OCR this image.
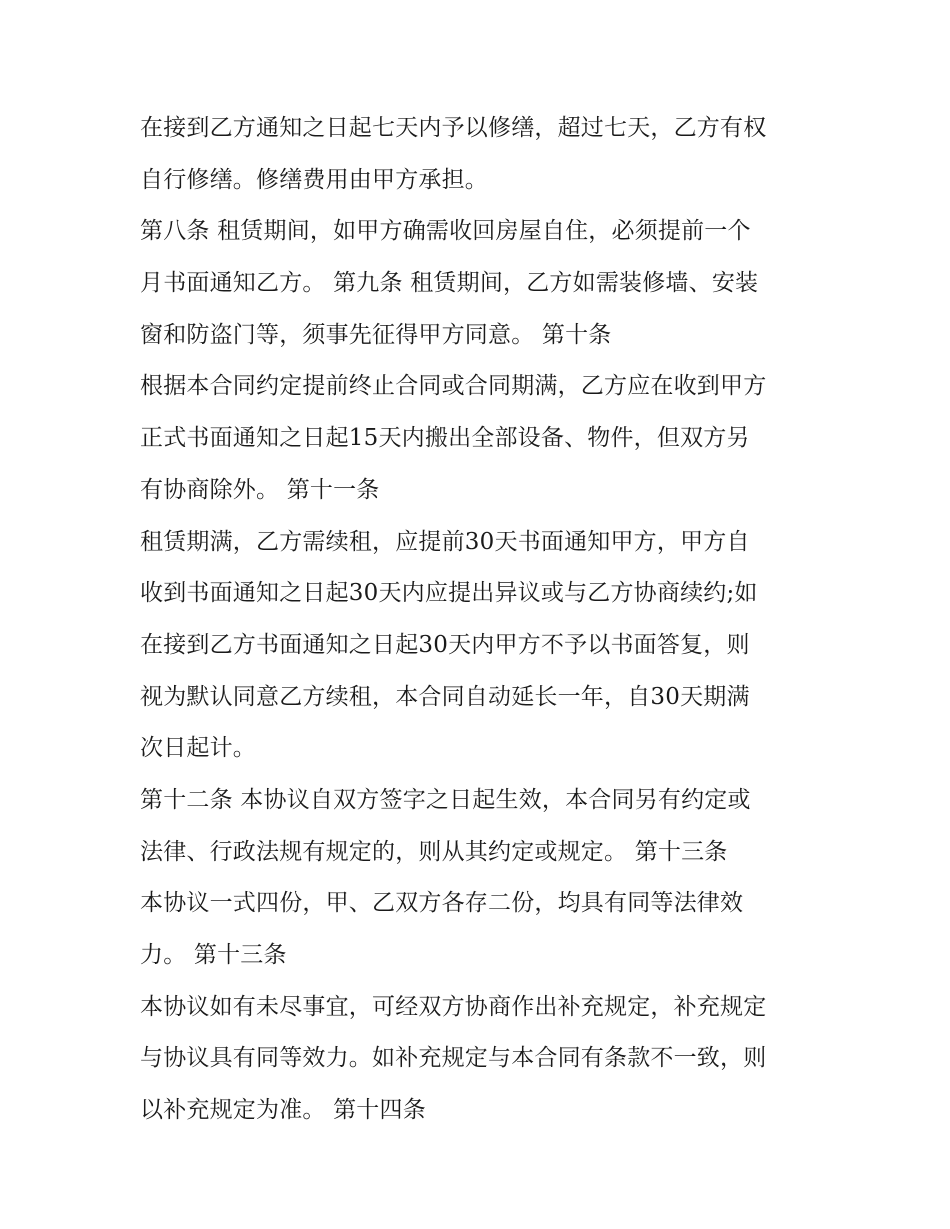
在接到乙方通知之日起七天内予以修缮，超过七天，乙方有权
自行修缮。修缮费用由甲方承担。
第八条 租赁期间，如甲方确需收回房屋自住，必须提前一个
月书面通知乙方。 第九条 租赁期间，乙方如需装修墙、安装
窗和防盗门等，须事先征得甲方同意。 第十条
根据本合同约定提前终止合同或合同期满，乙方应在收到甲方
正式书面通知之日起15天内搬出全部设备、物件，但双方另
有协商除外。 第十一条
租赁期满，乙方需续租，应提前30天书面通知甲方，甲方自
收到书面通知之日起30天内应提出异议或与乙方协商续约;如
在接到乙方书面通知之日起30天内甲方不予以书面答复，则
视为默认同意乙方续租，本合同自动延长一年，自30天期满
次日起计。
第十二条 本协议自双方签字之日起生效，本合同另有约定或
法律、行政法规有规定的，则从其约定或规定。 第十三条
本协议一式四份，甲、乙双方各存二份，均具有同等法律效
力。 第十三条
本协议如有未尽事宜，可经双方协商作出补充规定，补充规定
与协议具有同等效力。如补充规定与本合同有条款不一致，则
以补充规定为准。 第十四条
